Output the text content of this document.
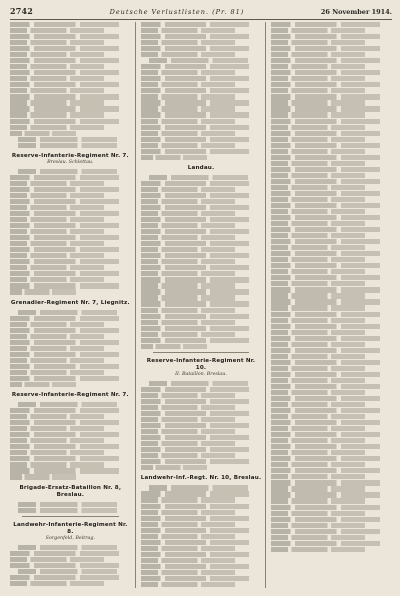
2742	Deutsche Verlustlisten. (Pr. 81)	26 November 1914.
Reserve-Infanterie-Regiment Nr. 7.
Breslau. Schlettau.
Grenadier-Regiment Nr. 7, Liegnitz.
Reserve-Infanterie-Regiment Nr. 7.
Brigade-Ersatz-Bataillon Nr. 8, Breslau.
Landwehr-Infanterie-Regiment Nr. 8.
Sorgenfeld, Beitrag.
Landau.
Reserve-Infanterie-Regiment Nr. 10.
II. Bataillon. Breslau.
Landwehr-Inf.-Regt. Nr. 10, Breslau.
